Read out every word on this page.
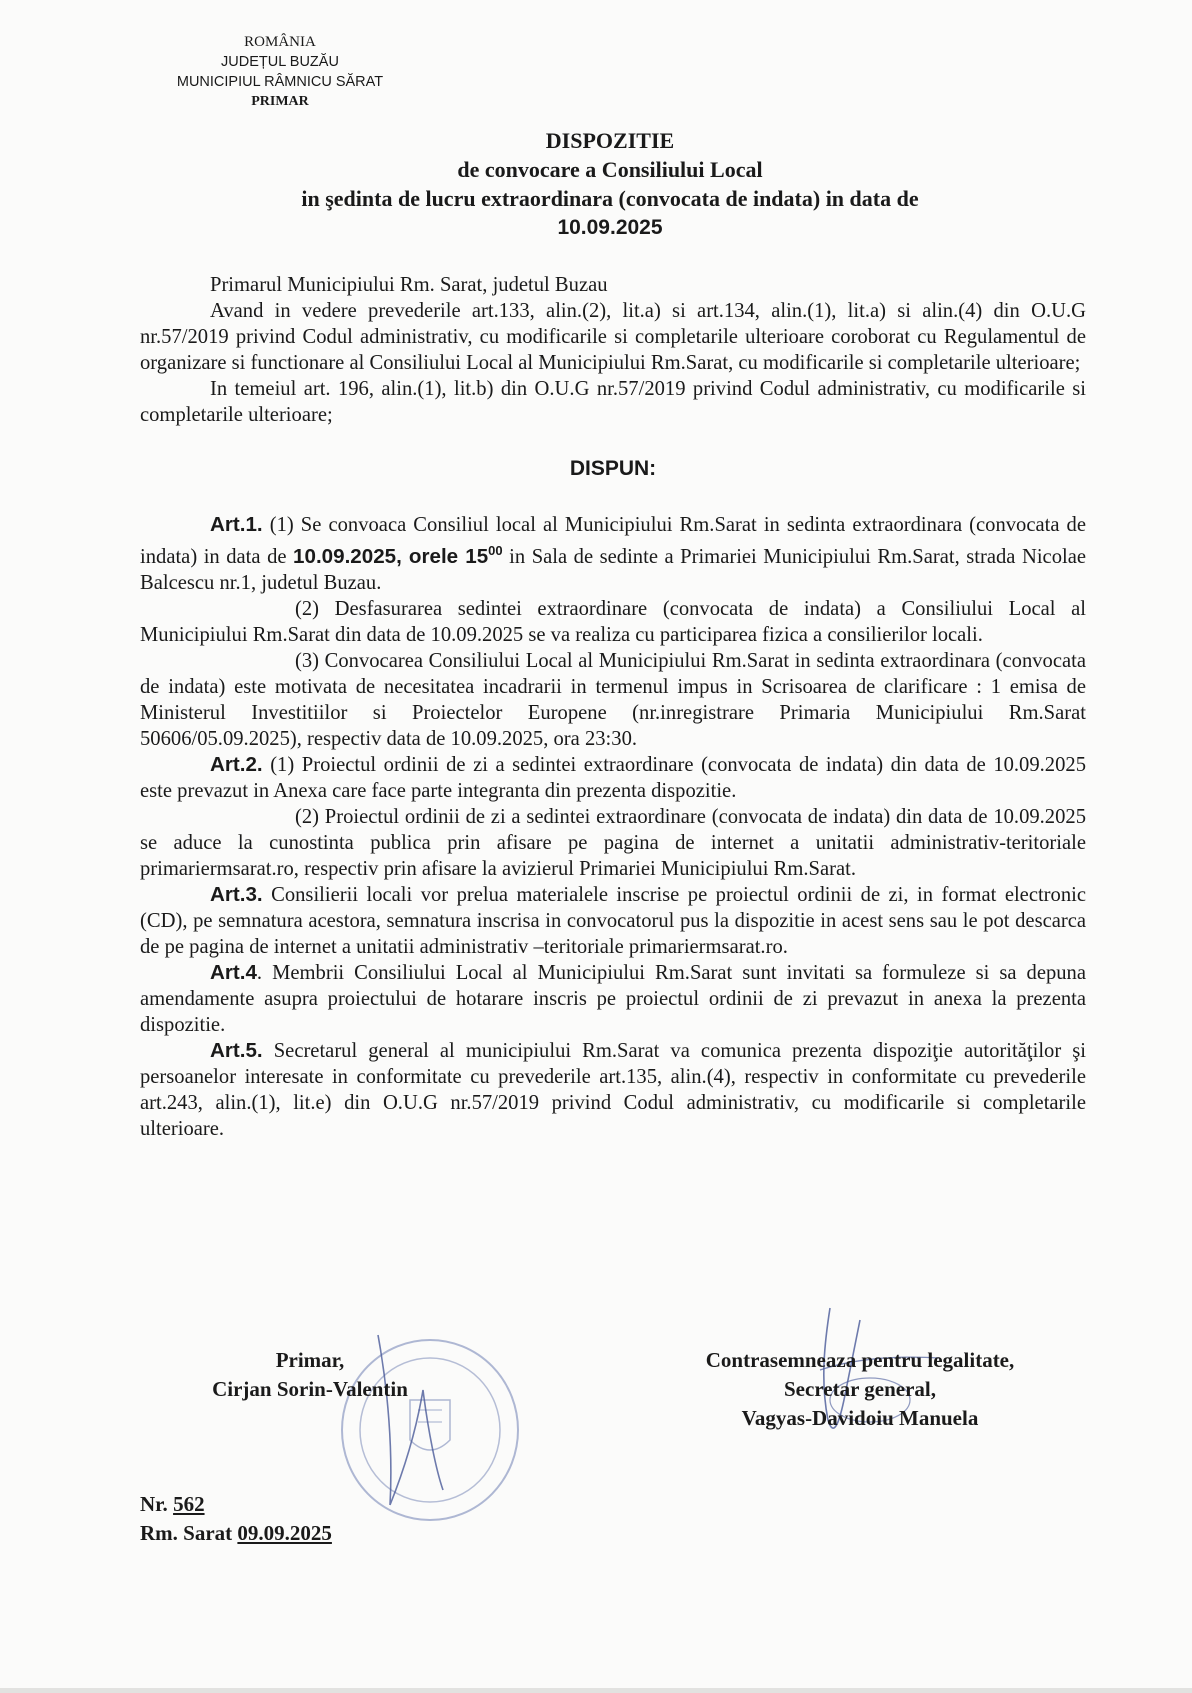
ROMÂNIA
JUDEȚUL BUZĂU
MUNICIPIUL RÂMNICU SĂRAT
PRIMAR
DISPOZITIE
de convocare a Consiliului Local
in şedinta de lucru extraordinara (convocata de indata) in data de
10.09.2025

Primarul Municipiului Rm. Sarat, judetul Buzau

Avand in vedere prevederile art.133, alin.(2), lit.a) si art.134, alin.(1), lit.a) si alin.(4) din O.U.G nr.57/2019 privind Codul administrativ, cu modificarile si completarile ulterioare coroborat cu Regulamentul de organizare si functionare al Consiliului Local al Municipiului Rm.Sarat, cu modificarile si completarile ulterioare;

In temeiul art. 196, alin.(1), lit.b) din O.U.G nr.57/2019 privind Codul administrativ, cu modificarile si completarile ulterioare;

DISPUN:

Art.1. (1) Se convoaca Consiliul local al Municipiului Rm.Sarat in sedinta extraordinara (convocata de indata) in data de 10.09.2025, orele $15^{00}$ in Sala de sedinte a Primariei Municipiului Rm.Sarat, strada Nicolae Balcescu nr.1, judetul Buzau.

(2) Desfasurarea sedintei extraordinare (convocata de indata) a Consiliului Local al Municipiului Rm.Sarat din data de 10.09.2025 se va realiza cu participarea fizica a consilierilor locali.

(3) Convocarea Consiliului Local al Municipiului Rm.Sarat in sedinta extraordinara (convocata de indata) este motivata de necesitatea incadrarii in termenul impus in Scrisoarea de clarificare : 1 emisa de Ministerul Investitiilor si Proiectelor Europene (nr.inregistrare Primaria Municipiului Rm.Sarat 50606/05.09.2025), respectiv data de 10.09.2025, ora 23:30.

Art.2. (1) Proiectul ordinii de zi a sedintei extraordinare (convocata de indata) din data de 10.09.2025 este prevazut in Anexa care face parte integranta din prezenta dispozitie.

(2) Proiectul ordinii de zi a sedintei extraordinare (convocata de indata) din data de 10.09.2025 se aduce la cunostinta publica prin afisare pe pagina de internet a unitatii administrativ-teritoriale primariermsarat.ro, respectiv prin afisare la avizierul Primariei Municipiului Rm.Sarat.

Art.3. Consilierii locali vor prelua materialele inscrise pe proiectul ordinii de zi, in format electronic (CD), pe semnatura acestora, semnatura inscrisa in convocatorul pus la dispozitie in acest sens sau le pot descarca de pe pagina de internet a unitatii administrativ –teritoriale primariermsarat.ro.

Art.4. Membrii Consiliului Local al Municipiului Rm.Sarat sunt invitati sa formuleze si sa depuna amendamente asupra proiectului de hotarare inscris pe proiectul ordinii de zi prevazut in anexa la prezenta dispozitie.

Art.5. Secretarul general al municipiului Rm.Sarat va comunica prezenta dispoziţie autorităţilor şi persoanelor interesate in conformitate cu prevederile art.135, alin.(4), respectiv in conformitate cu prevederile art.243, alin.(1), lit.e) din O.U.G nr.57/2019 privind Codul administrativ, cu modificarile si completarile ulterioare.

Primar,
Cirjan Sorin-Valentin
Contrasemneaza pentru legalitate,
Secretar general,
Vagyas-Davidoiu Manuela
Nr. 562
Rm. Sarat 09.09.2025
